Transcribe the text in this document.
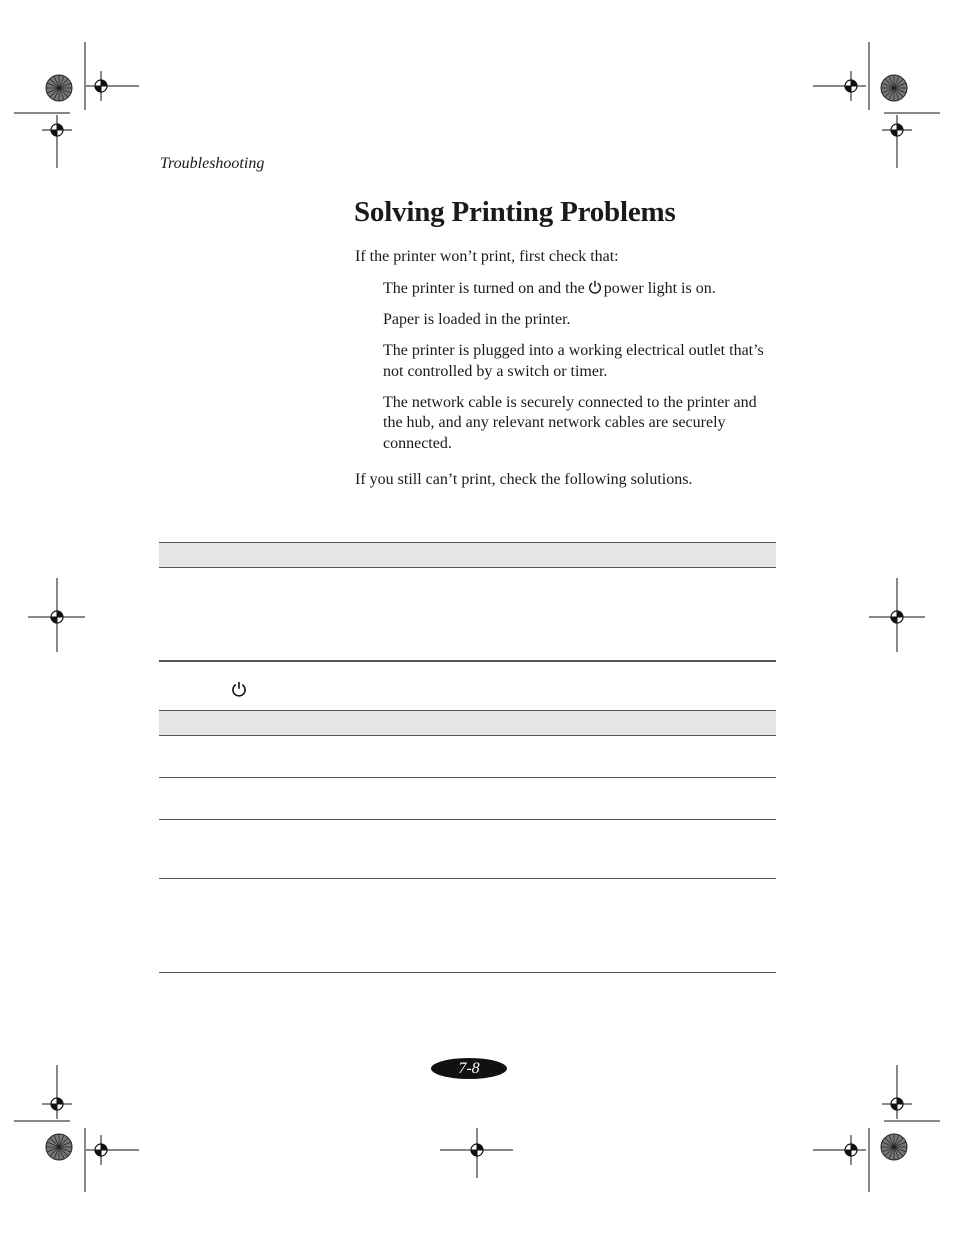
Troubleshooting
Solving Printing Problems
If the printer won’t print, first check that:
The printer is turned on and the power light is on.
Paper is loaded in the printer.
The printer is plugged into a working electrical outlet that’s not controlled by a switch or timer.
The network cable is securely connected to the printer and the hub, and any relevant network cables are securely connected.
If you still can’t print, check the following solutions.
7-8
